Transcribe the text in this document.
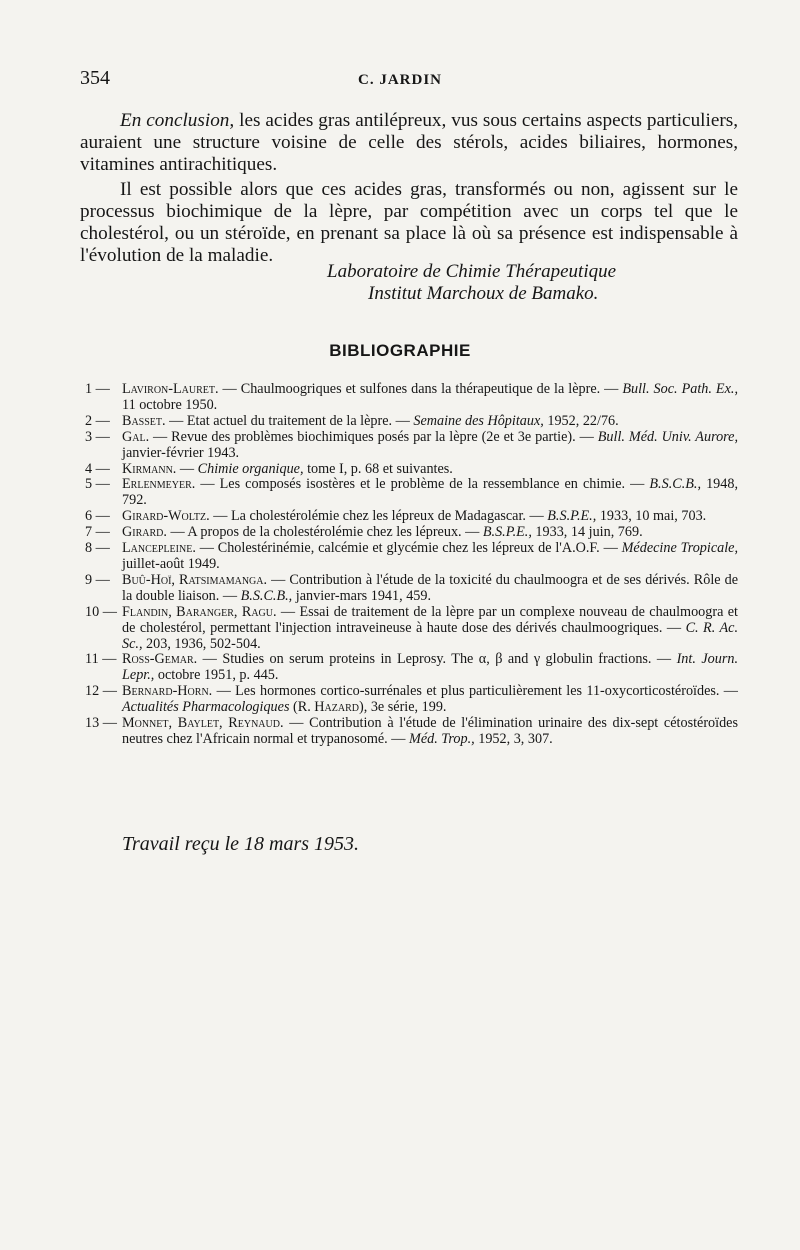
354	C. JARDIN

En conclusion, les acides gras antilépreux, vus sous certains aspects particuliers, auraient une structure voisine de celle des stérols, acides biliaires, hormones, vitamines antirachitiques.

Il est possible alors que ces acides gras, transformés ou non, agissent sur le processus biochimique de la lèpre, par compétition avec un corps tel que le cholestérol, ou un stéroïde, en prenant sa place là où sa présence est indispensable à l'évolution de la maladie.

Laboratoire de Chimie Thérapeutique
Institut Marchoux de Bamako.
BIBLIOGRAPHIE
1 — Laviron-Lauret. — Chaulmoogriques et sulfones dans la thérapeutique de la lèpre. — Bull. Soc. Path. Ex., 11 octobre 1950.
2 — Basset. — Etat actuel du traitement de la lèpre. — Semaine des Hôpitaux, 1952, 22/76.
3 — Gal. — Revue des problèmes biochimiques posés par la lèpre (2e et 3e partie). — Bull. Méd. Univ. Aurore, janvier-février 1943.
4 — Kirmann. — Chimie organique, tome I, p. 68 et suivantes.
5 — Erlenmeyer. — Les composés isostères et le problème de la ressemblance en chimie. — B.S.C.B., 1948, 792.
6 — Girard-Woltz. — La cholestérolémie chez les lépreux de Madagascar. — B.S.P.E., 1933, 10 mai, 703.
7 — Girard. — A propos de la cholestérolémie chez les lépreux. — B.S.P.E., 1933, 14 juin, 769.
8 — Lancepleine. — Cholestérinémie, calcémie et glycémie chez les lépreux de l'A.O.F. — Médecine Tropicale, juillet-août 1949.
9 — Buû-Hoï, Ratsimamanga. — Contribution à l'étude de la toxicité du chaulmoogra et de ses dérivés. Rôle de la double liaison. — B.S.C.B., janvier-mars 1941, 459.
10 — Flandin, Baranger, Ragu. — Essai de traitement de la lèpre par un complexe nouveau de chaulmoogra et de cholestérol, permettant l'injection intraveineuse à haute dose des dérivés chaulmoogriques. — C. R. Ac. Sc., 203, 1936, 502-504.
11 — Ross-Gemar. — Studies on serum proteins in Leprosy. The α, β and γ globulin fractions. — Int. Journ. Lepr., octobre 1951, p. 445.
12 — Bernard-Horn. — Les hormones cortico-surrénales et plus particulièrement les 11-oxycorticostéroïdes. — Actualités Pharmacologiques (R. Hazard), 3e série, 199.
13 — Monnet, Baylet, Reynaud. — Contribution à l'étude de l'élimination urinaire des dix-sept cétostéroïdes neutres chez l'Africain normal et trypanosomé. — Méd. Trop., 1952, 3, 307.
Travail reçu le 18 mars 1953.
